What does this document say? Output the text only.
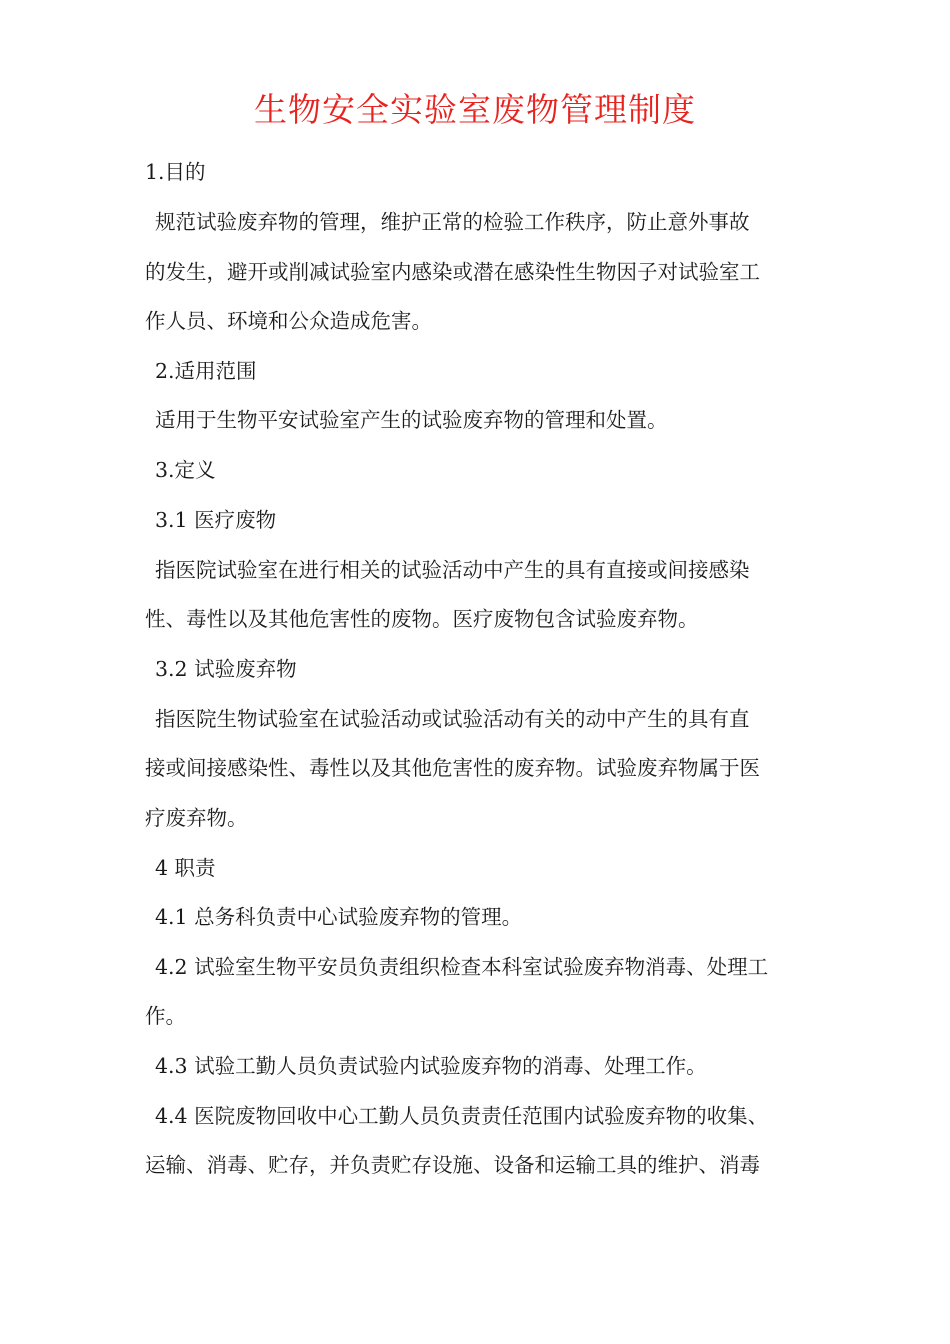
生物安全实验室废物管理制度
1.目的
规范试验废弃物的管理，维护正常的检验工作秩序，防止意外事故
的发生，避开或削减试验室内感染或潜在感染性生物因子对试验室工
作人员、环境和公众造成危害。
2.适用范围
适用于生物平安试验室产生的试验废弃物的管理和处置。
3.定义
3.1 医疗废物
指医院试验室在进行相关的试验活动中产生的具有直接或间接感染
性、毒性以及其他危害性的废物。医疗废物包含试验废弃物。
3.2 试验废弃物
指医院生物试验室在试验活动或试验活动有关的动中产生的具有直
接或间接感染性、毒性以及其他危害性的废弃物。试验废弃物属于医
疗废弃物。
4 职责
4.1 总务科负责中心试验废弃物的管理。
4.2 试验室生物平安员负责组织检查本科室试验废弃物消毒、处理工
作。
4.3 试验工勤人员负责试验内试验废弃物的消毒、处理工作。
4.4 医院废物回收中心工勤人员负责责任范围内试验废弃物的收集、
运输、消毒、贮存，并负责贮存设施、设备和运输工具的维护、消毒
